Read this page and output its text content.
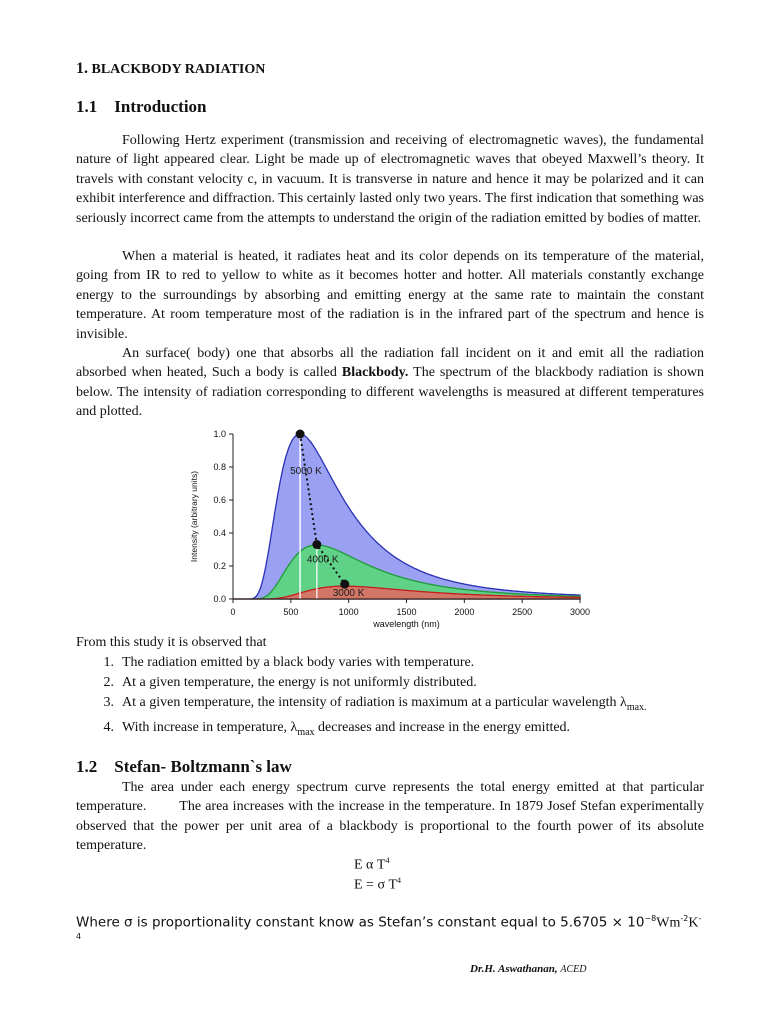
1. BLACKBODY RADIATION
1.1 Introduction
Following Hertz experiment (transmission and receiving of electromagnetic waves), the fundamental nature of light appeared clear. Light be made up of electromagnetic waves that obeyed Maxwell’s theory. It travels with constant velocity c, in vacuum. It is transverse in nature and hence it may be polarized and it can exhibit interference and diffraction. This certainly lasted only two years. The first indication that something was seriously incorrect came from the attempts to understand the origin of the radiation emitted by bodies of matter.
When a material is heated, it radiates heat and its color depends on its temperature of the material, going from IR to red to yellow to white as it becomes hotter and hotter. All materials constantly exchange energy to the surroundings by absorbing and emitting energy at the same rate to maintain the constant temperature. At room temperature most of the radiation is in the infrared part of the spectrum and hence is invisible.
An surface( body) one that absorbs all the radiation fall incident on it and emit all the radiation absorbed when heated, Such a body is called Blackbody. The spectrum of the blackbody radiation is shown below. The intensity of radiation corresponding to different wavelengths is measured at different temperatures and plotted.
From this study it is observed that
1. The radiation emitted by a black body varies with temperature.
2. At a given temperature, the energy is not uniformly distributed.
3. At a given temperature, the intensity of radiation is maximum at a particular wavelength $\lambda_{max.}$
4. With increase in temperature, $\lambda_{max}$ decreases and increase in the energy emitted.
1.2 Stefan- Boltzmann`s law
The area under each energy spectrum curve represents the total energy emitted at that particular temperature.        The area increases with the increase in the temperature. In 1879 Josef Stefan experimentally observed that the power per unit area of a blackbody is proportional to the fourth power of its absolute temperature.
E α $T^4$
E = σ $T^4$
Where σ is proportionality constant know as Stefan’s constant equal to $5.6705 \times 10^{-8}Wm^{-2}K^{-4}$
5000 K
4000 K
3000 K
0	500	1000	1500	2000	2500	3000
0.0
0.2
0.4
0.6
0.8
1.0
wavelength (nm)
Intensity (arbitrary units)
Dr.H. Aswathanan, ACED
